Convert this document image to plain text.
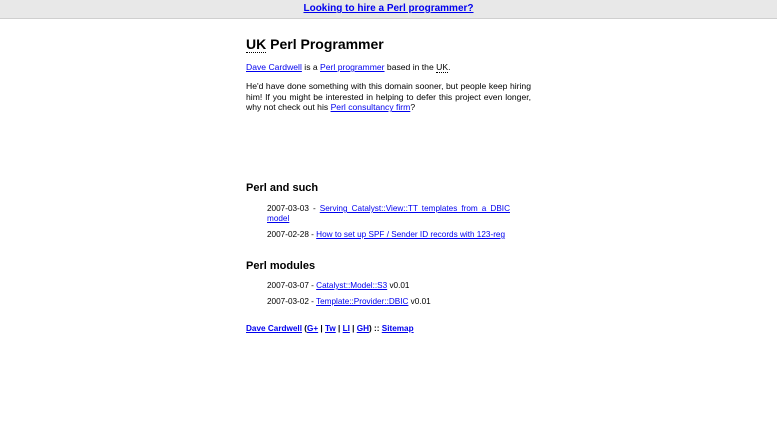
Looking to hire a Perl programmer?
UK Perl Programmer

Dave Cardwell is a Perl programmer based in the UK.

He'd have done something with this domain sooner, but people keep hiring him! If you might be interested in helping to defer this project even longer, why not check out his Perl consultancy firm?

Perl and such
2007-03-03 - Serving Catalyst::View::TT templates from a DBIC model
2007-02-28 - How to set up SPF / Sender ID records with 123-reg
Perl modules
2007-03-07 - Catalyst::Model::S3 v0.01
2007-03-02 - Template::Provider::DBIC v0.01
Dave Cardwell (G+ | Tw | LI | GH) :: Sitemap
